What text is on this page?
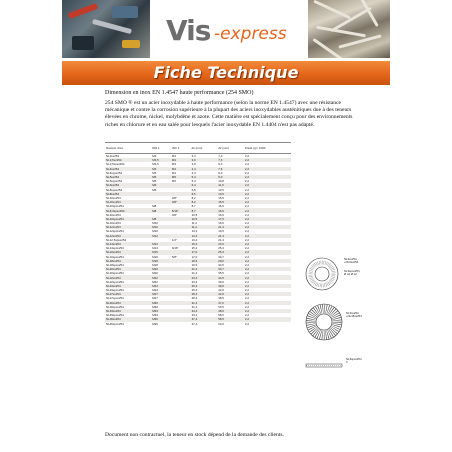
Vis -express
Fiche Technique
Dimension en inox EN 1.4547 haute performance (254 SMO)
254 SMO ® est un acier inoxydable à haute performance (selon la norme EN 1.4547) avec une résistance mécanique et contre la corrosion supérieure à la plupart des aciers inoxydables austénitiques due à des teneurs élevées en chrome, nickel, molybdène et azote. Cette matière est spécialement conçu pour des environnements riches en chlorure et en eau salée pour lesquels l'acier inoxydable EN 1.4404 n'est pas adapté.
Numéro d'art.	DIN 1	ISO 1	d1 (mm)	d2 (mm)	Poids (g) / 1000
NL3sx254	M3	M3	3,4	7,0	2,2
NL3,5sx254	M3,5	M3	3,9	7,6	2,2
NL3,5spsx254	M3,5	M3	3,9	9,0	2,2
NL4sx254	M4	M4	4,4	7,6	2,2
NL4spsx254	M4	M4	4,4	9,0	2,2
NL5sx254	M5	M5	5,4	9,0	2,2
NL5spsx254	M5	M5	5,4	10,8	2,2
NL6sx254	M6		6,4	11,6	2,2
NL6spsx254	M6		6,5	13,5	2,2
NL8sx254			8,5	13,5	2,2
NL10sx254		3/8"	8,2	15,5	2,2
NL16sx254		3/8"	8,2	15,5	2,2
NL10spsx254	M8		8,7	16,6	2,2
NL8,3spsx254	M8	5/16"	8,7	16,6	2,2
NL10sx254		3/8"	10,5	16,6	2,2
NL10spsx254	M8		10,5	17,5	2,2
NL10sx254	M10		11,2	16,6	2,2
NL12sx254	M10		11,2	21,4	2,2
NL12spsx254	M10		13,2	19,5	2,2
NL12sx254	M12		13,2	21,4	2,2
NL12,5spsx254		1/2"	13,2	21,4	2,2
NL14sx254	M14		15,2	23,0	2,2
NL14spsx254	M14	9/16"	15,2	25,4	2,2
NL16sx254	M16		17,0	25,4	2,2
NL16spsx254	M16	5/8"	17,0	30,7	2,2
NL18sx254	M18		19,5	29,0	2,2
NL18spsx254	M18		19,5	34,5	2,2
NL20sx254	M20		21,4	30,7	2,2
NL20spsx254	M20		21,4	35,5	2,2
NL22sx254	M22		23,4	34,5	2,2
NL22spsx254	M22		23,4	39,0	2,2
NL24sx254	M24		25,4	39,0	2,2
NL24spsx254	M24		25,4	42,0	2,2
NL27sx254	M27		28,4	42,0	2,2
NL27spsx254	M27		28,4	48,5	2,2
NL30sx254	M30		31,4	47,0	2,2
NL30spsx254	M30		31,4	53,5	2,2
NL33sx254	M33		34,4	48,5	2,2
NL33spsx254	M33		34,4	58,5	2,2
NL36sx254	M36		37,4	58,5	2,2
NL36spsx254	M36		37,4	63,0	2,2
NL3sx254
+NL6sx254
NL3spsx254
Ø d1 Ø d2
NL3sx254
+NL36sx254
NL3spsx254
h
Document non contractuel, la teneur en stock dépend de la demande des clients.
